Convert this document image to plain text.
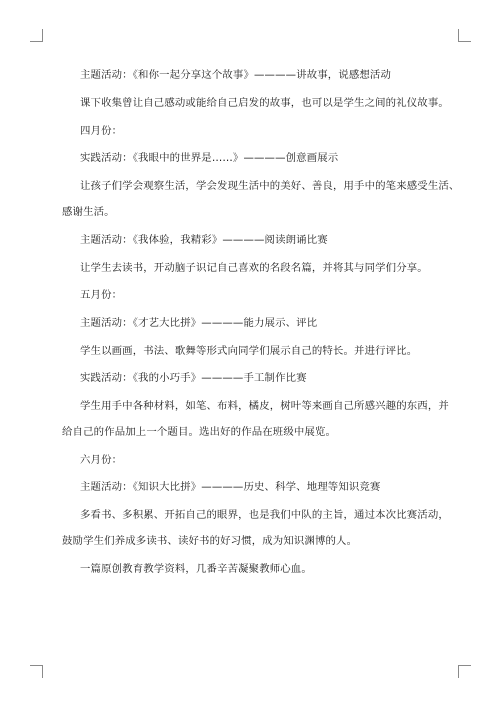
主题活动：《和你一起分享这个故事》————讲故事，说感想活动
课下收集曾让自己感动或能给自己启发的故事，也可以是学生之间的礼仪故事。
四月份：
实践活动：《我眼中的世界是……》————创意画展示
让孩子们学会观察生活，学会发现生活中的美好、善良，用手中的笔来感受生活、
感谢生活。
主题活动：《我体验，我精彩》————阅读朗诵比赛
让学生去读书，开动脑子识记自己喜欢的名段名篇，并将其与同学们分享。
五月份：
主题活动：《才艺大比拼》————能力展示、评比
学生以画画，书法、歌舞等形式向同学们展示自己的特长。并进行评比。
实践活动：《我的小巧手》————手工制作比赛
学生用手中各种材料，如笔、布料，橘皮，树叶等来画自己所感兴趣的东西，并
给自己的作品加上一个题目。选出好的作品在班级中展览。
六月份：
主题活动：《知识大比拼》————历史、科学、地理等知识竞赛
多看书、多积累、开拓自己的眼界，也是我们中队的主旨，通过本次比赛活动，
鼓励学生们养成多读书、读好书的好习惯，成为知识渊博的人。
一篇原创教育教学资料，几番辛苦凝聚教师心血。
